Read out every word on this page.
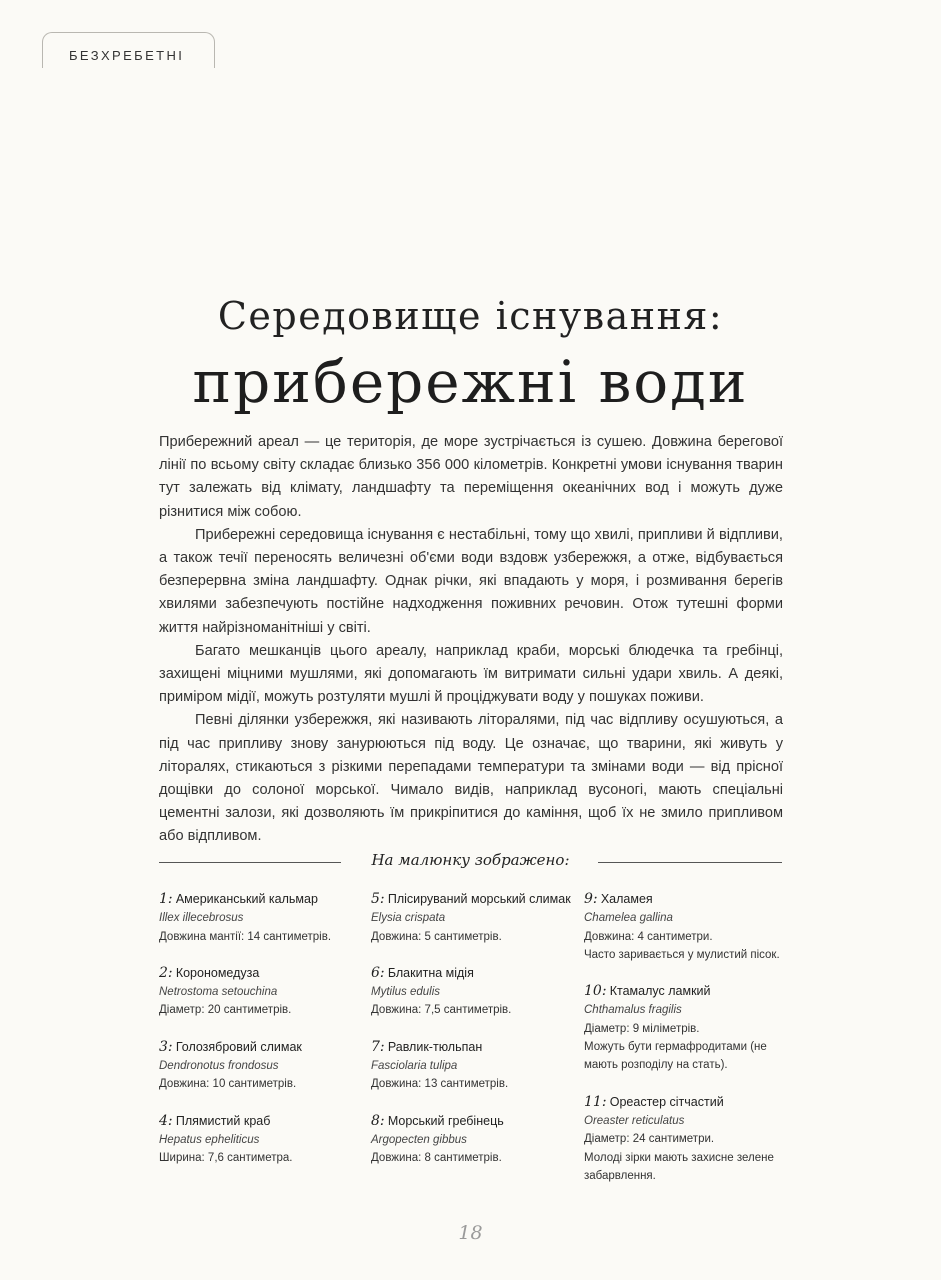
БЕЗХРЕБЕТНІ
Середовище існування:
прибережні води

Прибережний ареал — це територія, де море зустрічається із сушею. Довжина берегової лінії по всьому світу складає близько 356 000 кілометрів. Конкретні умови існування тварин тут залежать від клімату, ландшафту та переміщення океанічних вод і можуть дуже різнитися між собою.

Прибережні середовища існування є нестабільні, тому що хвилі, припливи й відпливи, а також течії переносять величезні об'єми води вздовж узбережжя, а отже, відбувається безперервна зміна ландшафту. Однак річки, які впадають у моря, і розмивання берегів хвилями забезпечують постійне надходження поживних речовин. Отож тутешні форми життя найрізноманітніші у світі.

Багато мешканців цього ареалу, наприклад краби, морські блюдечка та гребінці, захищені міцними мушлями, які допомагають їм витримати сильні удари хвиль. А деякі, приміром мідії, можуть розтуляти мушлі й проціджувати воду у пошуках поживи.

Певні ділянки узбережжя, які називають літоралями, під час відпливу осушуються, а під час припливу знову занурюються під воду. Це означає, що тварини, які живуть у літоралях, стикаються з різкими перепадами температури та змінами води — від прісної дощівки до солоної морської. Чимало видів, наприклад вусоногі, мають спеціальні цементні залози, які дозволяють їм прикріпитися до каміння, щоб їх не змило припливом або відпливом.

На малюнку зображено:
1: Американський кальмар
Illex illecebrosus
Довжина мантії: 14 сантиметрів.
2: Корономедуза
Netrostoma setouchina
Діаметр: 20 сантиметрів.
3: Голозябровий слимак
Dendronotus frondosus
Довжина: 10 сантиметрів.
4: Плямистий краб
Hepatus epheliticus
Ширина: 7,6 сантиметра.
5: Плісируваний морський слимак
Elysia crispata
Довжина: 5 сантиметрів.
6: Блакитна мідія
Mytilus edulis
Довжина: 7,5 сантиметрів.
7: Равлик-тюльпан
Fasciolaria tulipa
Довжина: 13 сантиметрів.
8: Морський гребінець
Argopecten gibbus
Довжина: 8 сантиметрів.
9: Халамея
Chamelea gallina
Довжина: 4 сантиметри.
Часто заривається у мулистий пісок.
10: Ктамалус ламкий
Chthamalus fragilis
Діаметр: 9 міліметрів.
Можуть бути гермафродитами (не мають розподілу на стать).
11: Ореастер сітчастий
Oreaster reticulatus
Діаметр: 24 сантиметри.
Молоді зірки мають захисне зелене забарвлення.
18
